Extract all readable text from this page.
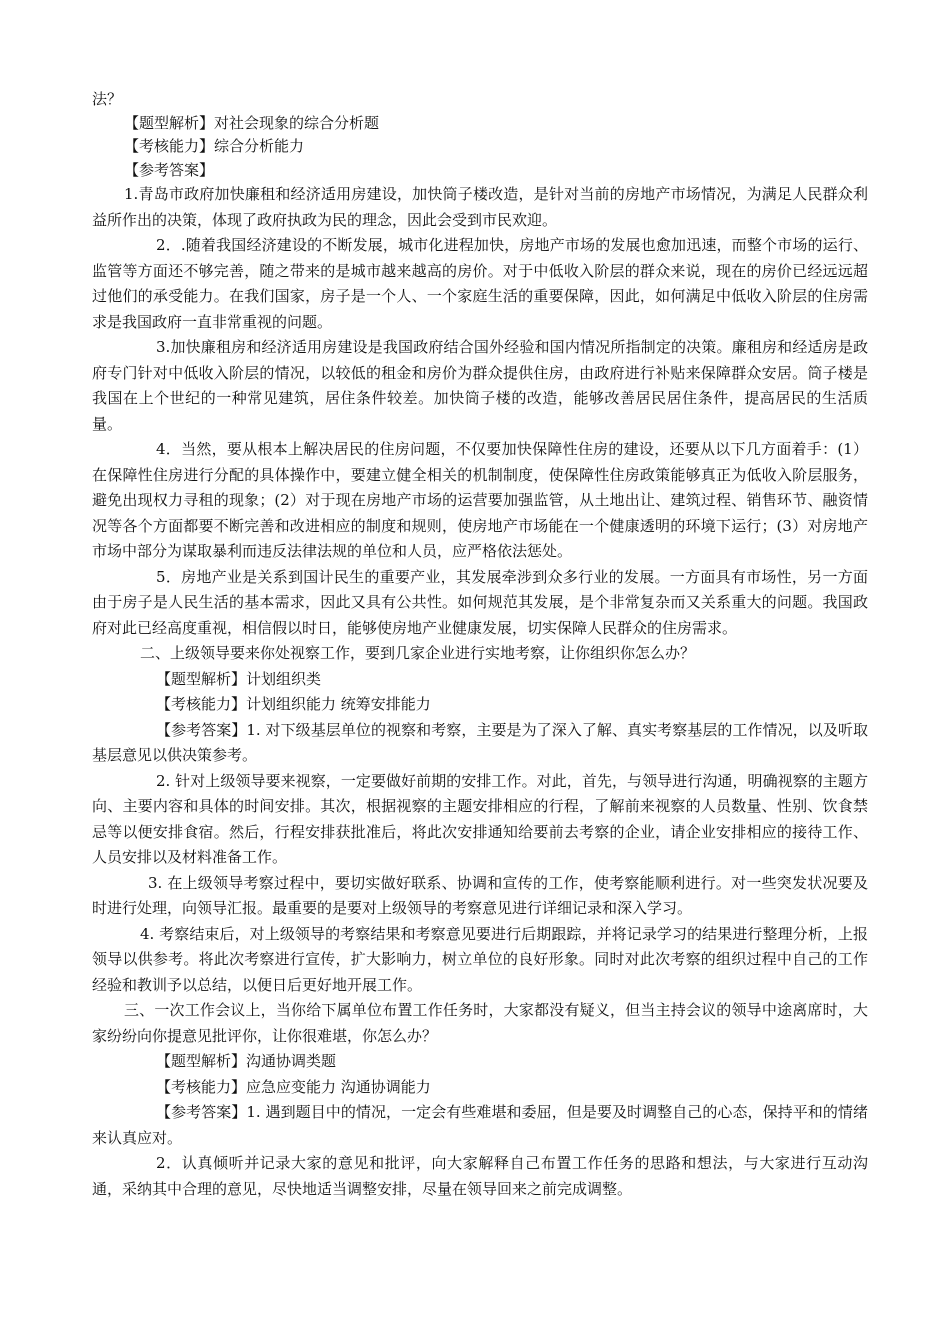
法？

【题型解析】对社会现象的综合分析题

【考核能力】综合分析能力

【参考答案】

1.青岛市政府加快廉租和经济适用房建设，加快筒子楼改造，是针对当前的房地产市场情况，为满足人民群众利益所作出的决策，体现了政府执政为民的理念，因此会受到市民欢迎。

2．.随着我国经济建设的不断发展，城市化进程加快，房地产市场的发展也愈加迅速，而整个市场的运行、监管等方面还不够完善，随之带来的是城市越来越高的房价。对于中低收入阶层的群众来说，现在的房价已经远远超过他们的承受能力。在我们国家，房子是一个人、一个家庭生活的重要保障，因此，如何满足中低收入阶层的住房需求是我国政府一直非常重视的问题。

3.加快廉租房和经济适用房建设是我国政府结合国外经验和国内情况所指制定的决策。廉租房和经适房是政府专门针对中低收入阶层的情况，以较低的租金和房价为群众提供住房，由政府进行补贴来保障群众安居。筒子楼是我国在上个世纪的一种常见建筑，居住条件较差。加快筒子楼的改造，能够改善居民居住条件，提高居民的生活质量。

4．当然，要从根本上解决居民的住房问题，不仅要加快保障性住房的建设，还要从以下几方面着手：(1）在保障性住房进行分配的具体操作中，要建立健全相关的机制制度，使保障性住房政策能够真正为低收入阶层服务，避免出现权力寻租的现象；(2）对于现在房地产市场的运营要加强监管，从土地出让、建筑过程、销售环节、融资情况等各个方面都要不断完善和改进相应的制度和规则，使房地产市场能在一个健康透明的环境下运行；(3）对房地产市场中部分为谋取暴利而违反法律法规的单位和人员，应严格依法惩处。

5．房地产业是关系到国计民生的重要产业，其发展牵涉到众多行业的发展。一方面具有市场性，另一方面由于房子是人民生活的基本需求，因此又具有公共性。如何规范其发展，是个非常复杂而又关系重大的问题。我国政府对此已经高度重视，相信假以时日，能够使房地产业健康发展，切实保障人民群众的住房需求。

二、上级领导要来你处视察工作，要到几家企业进行实地考察，让你组织你怎么办？

【题型解析】计划组织类

【考核能力】计划组织能力 统筹安排能力

【参考答案】1. 对下级基层单位的视察和考察，主要是为了深入了解、真实考察基层的工作情况，以及听取基层意见以供决策参考。

2. 针对上级领导要来视察，一定要做好前期的安排工作。对此，首先，与领导进行沟通，明确视察的主题方向、主要内容和具体的时间安排。其次，根据视察的主题安排相应的行程，了解前来视察的人员数量、性别、饮食禁忌等以便安排食宿。然后，行程安排获批准后，将此次安排通知给要前去考察的企业，请企业安排相应的接待工作、人员安排以及材料准备工作。

3. 在上级领导考察过程中，要切实做好联系、协调和宣传的工作，使考察能顺利进行。对一些突发状况要及时进行处理，向领导汇报。最重要的是要对上级领导的考察意见进行详细记录和深入学习。

4. 考察结束后，对上级领导的考察结果和考察意见要进行后期跟踪，并将记录学习的结果进行整理分析，上报领导以供参考。将此次考察进行宣传，扩大影响力，树立单位的良好形象。同时对此次考察的组织过程中自己的工作经验和教训予以总结，以便日后更好地开展工作。

三、一次工作会议上，当你给下属单位布置工作任务时，大家都没有疑义，但当主持会议的领导中途离席时，大家纷纷向你提意见批评你，让你很难堪，你怎么办？

【题型解析】沟通协调类题

【考核能力】应急应变能力 沟通协调能力

【参考答案】1. 遇到题目中的情况，一定会有些难堪和委屈，但是要及时调整自己的心态，保持平和的情绪来认真应对。

2．认真倾听并记录大家的意见和批评，向大家解释自己布置工作任务的思路和想法，与大家进行互动沟通，采纳其中合理的意见，尽快地适当调整安排，尽量在领导回来之前完成调整。
